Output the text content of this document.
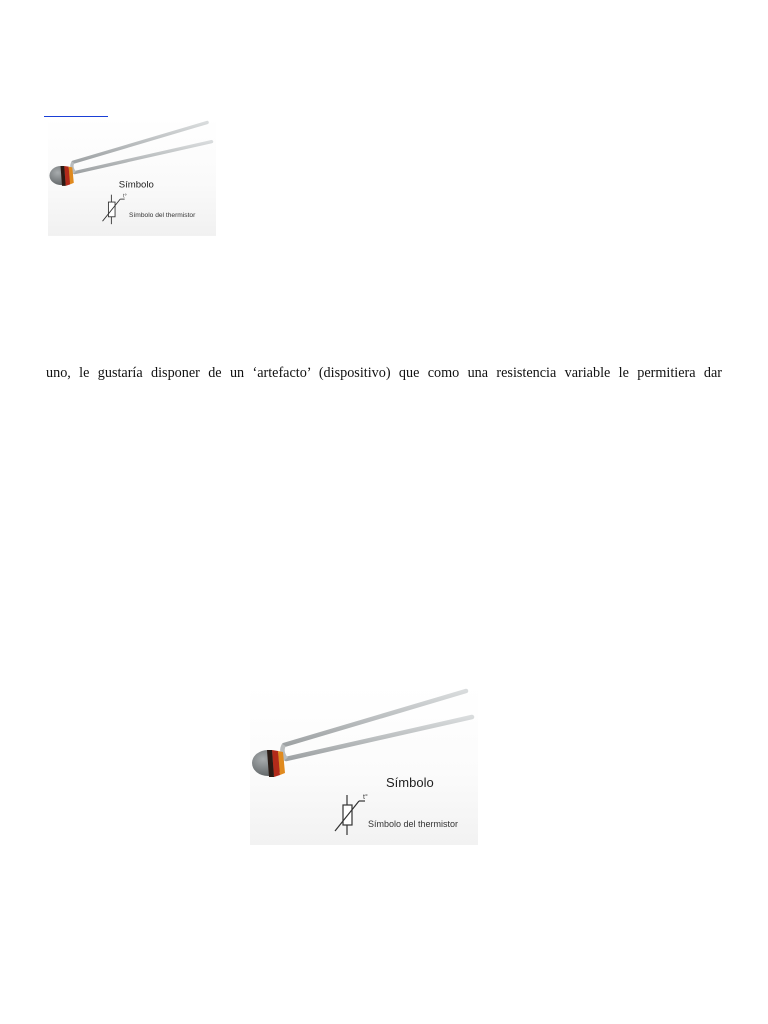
Símbolo
t°
Símbolo del thermistor

uno, le gustaría disponer de un ‘artefacto’ (dispositivo) que como una resistencia variable le permitiera dar

Símbolo
t°
Símbolo del thermistor
